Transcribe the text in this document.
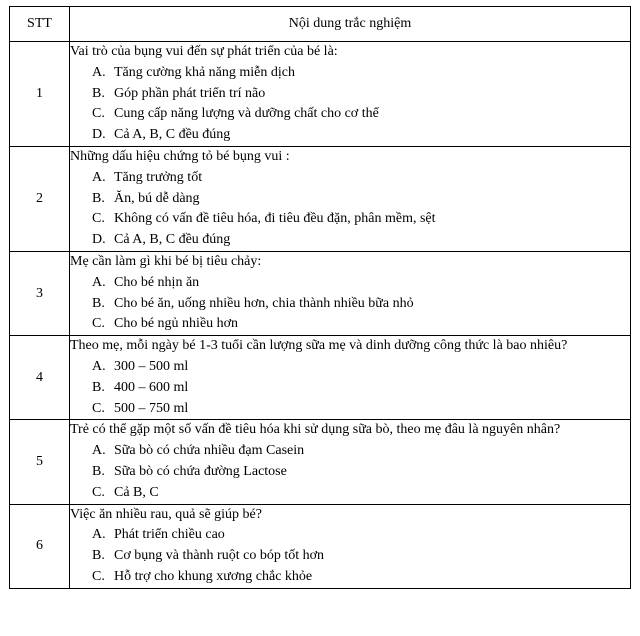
STT	Nội dung trắc nghiệm
1	Vai trò của bụng vui đến sự phát triển của bé là:
A. Tăng cường khả năng miễn dịch
B. Góp phần phát triển trí não
C. Cung cấp năng lượng và dưỡng chất cho cơ thể
D. Cả A, B, C đều đúng

2	Những dấu hiệu chứng tỏ bé bụng vui :
A. Tăng trưởng tốt
B. Ăn, bú dễ dàng
C. Không có vấn đề tiêu hóa, đi tiêu đều đặn, phân mềm, sệt
D. Cả A, B, C đều đúng

3	Mẹ cần làm gì khi bé bị tiêu chảy:
A. Cho bé nhịn ăn
B. Cho bé ăn, uống nhiều hơn, chia thành nhiều bữa nhỏ
C. Cho bé ngủ nhiều hơn

4	Theo mẹ, mỗi ngày bé 1-3 tuổi cần lượng sữa mẹ và dinh dưỡng công thức là bao nhiêu?
A. 300 – 500 ml
B. 400 – 600 ml
C. 500 – 750 ml

5	Trẻ có thể gặp một số vấn đề tiêu hóa khi sử dụng sữa bò, theo mẹ đâu là nguyên nhân?
A. Sữa bò có chứa nhiều đạm Casein
B. Sữa bò có chứa đường Lactose
C. Cả B, C

6	Việc ăn nhiều rau, quả sẽ giúp bé?
A. Phát triển chiều cao
B. Cơ bụng và thành ruột co bóp tốt hơn
C. Hỗ trợ cho khung xương chắc khỏe
